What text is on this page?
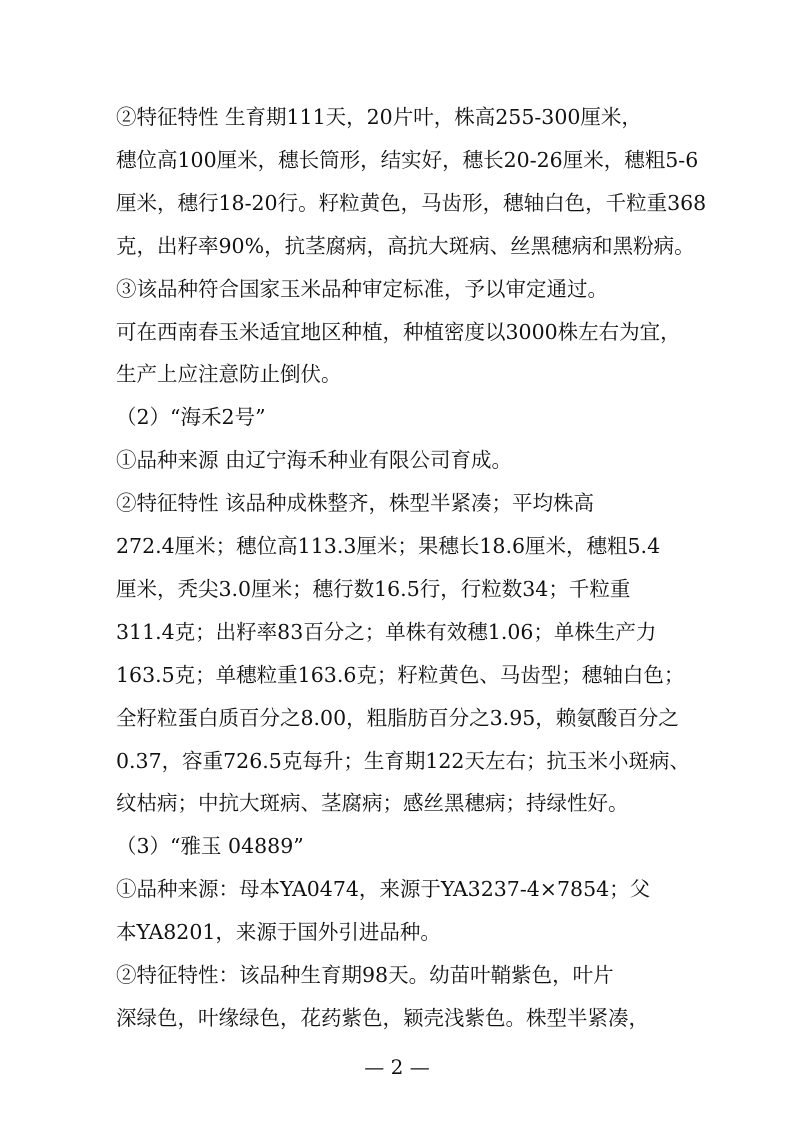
②特征特性 生育期111天，20片叶，株高255-300厘米，
穗位高100厘米，穗长筒形，结实好，穗长20-26厘米，穗粗5-6
厘米，穗行18-20行。籽粒黄色，马齿形，穗轴白色，千粒重368
克，出籽率90%，抗茎腐病，高抗大斑病、丝黑穗病和黑粉病。
③该品种符合国家玉米品种审定标准，予以审定通过。
可在西南春玉米适宜地区种植，种植密度以3000株左右为宜，
生产上应注意防止倒伏。
（2）“海禾2号”
①品种来源 由辽宁海禾种业有限公司育成。
②特征特性 该品种成株整齐，株型半紧凑；平均株高
272.4厘米；穗位高113.3厘米；果穗长18.6厘米，穗粗5.4
厘米，秃尖3.0厘米；穗行数16.5行，行粒数34；千粒重
311.4克；出籽率83百分之；单株有效穗1.06；单株生产力
163.5克；单穗粒重163.6克；籽粒黄色、马齿型；穗轴白色；
全籽粒蛋白质百分之8.00，粗脂肪百分之3.95，赖氨酸百分之
0.37，容重726.5克每升；生育期122天左右；抗玉米小斑病、
纹枯病；中抗大斑病、茎腐病；感丝黑穗病；持绿性好。
（3）“雅玉 04889”
①品种来源：母本YA0474，来源于YA3237-4×7854；父
本YA8201，来源于国外引进品种。
②特征特性：该品种生育期98天。幼苗叶鞘紫色，叶片
深绿色，叶缘绿色，花药紫色，颖壳浅紫色。株型半紧凑，
— 2 —
